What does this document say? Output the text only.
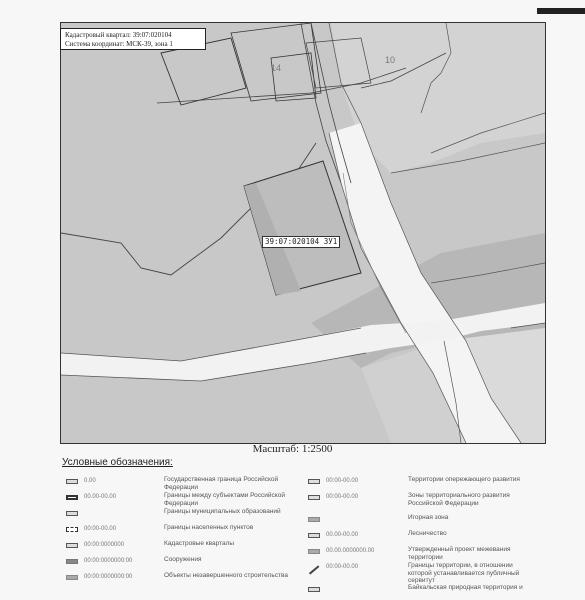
14
10
Кадастровый квартал: 39:07:020104
Система координат: МСК-39, зона 1
39:07:020104 ЗУ1
Масштаб: 1:2500
Условные обозначения:
0.00	Государственная граница Российской Федерации
00.00-00.00	Границы между субъектами Российской Федерации
Границы муниципальных образований
00:00-00.00	Границы населенных пунктов
00:00:0000000	Кадастровые кварталы
00:00:0000000:00	Сооружения
00:00:0000000:00	Объекты незавершенного строительства
00:00-00.00	Территории опережающего развития
00:00-00.00	Зоны территориального развития Российской Федерации
Игорная зона
00.00-00.00	Лесничество
00.00.0000000.00	Утвержденный проект межевания территории
00:00-00.00	Границы территории, в отношении которой устанавливается публичный сервитут
Байкальская природная территория и
